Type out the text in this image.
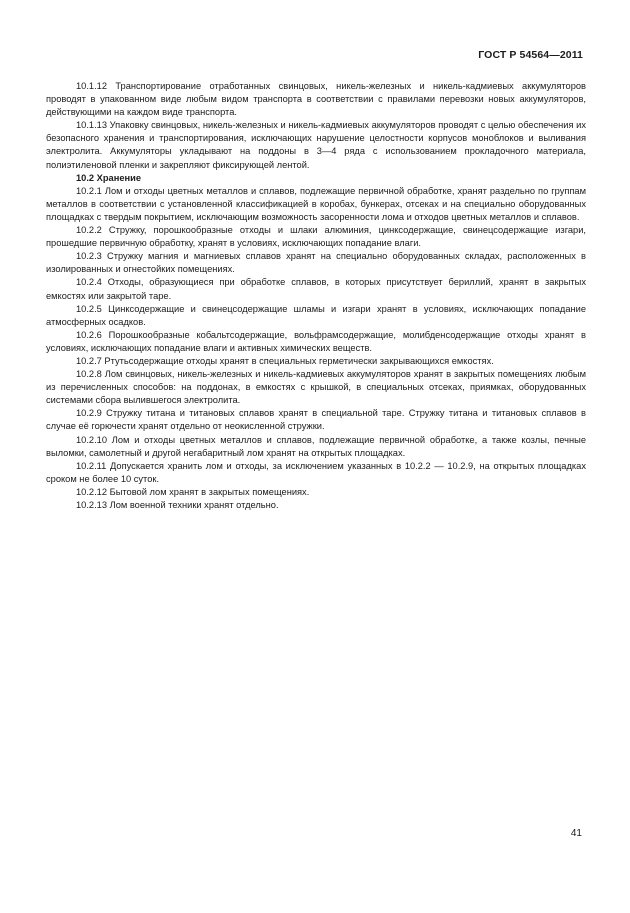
ГОСТ Р 54564—2011

10.1.12 Транспортирование отработанных свинцовых, никель-железных и никель-кадмиевых аккумуляторов проводят в упакованном виде любым видом транспорта в соответствии с правилами перевозки новых аккумуляторов, действующими на каждом виде транспорта.

10.1.13 Упаковку свинцовых, никель-железных и никель-кадмиевых аккумуляторов проводят с целью обеспечения их безопасного хранения и транспортирования, исключающих нарушение целостности корпусов моноблоков и выливания электролита. Аккумуляторы укладывают на поддоны в 3—4 ряда с использованием прокладочного материала, полиэтиленовой пленки и закрепляют фиксирующей лентой.

10.2 Хранение

10.2.1 Лом и отходы цветных металлов и сплавов, подлежащие первичной обработке, хранят раздельно по группам металлов в соответствии с установленной классификацией в коробах, бункерах, отсеках и на специально оборудованных площадках с твердым покрытием, исключающим возможность засоренности лома и отходов цветных металлов и сплавов.

10.2.2 Стружку, порошкообразные отходы и шлаки алюминия, цинксодержащие, свинецсодержащие изгари, прошедшие первичную обработку, хранят в условиях, исключающих попадание влаги.

10.2.3 Стружку магния и магниевых сплавов хранят на специально оборудованных складах, расположенных в изолированных и огнестойких помещениях.

10.2.4 Отходы, образующиеся при обработке сплавов, в которых присутствует бериллий, хранят в закрытых емкостях или закрытой таре.

10.2.5 Цинксодержащие и свинецсодержащие шламы и изгари хранят в условиях, исключающих попадание атмосферных осадков.

10.2.6 Порошкообразные кобальтсодержащие, вольфрамсодержащие, молибденсодержащие отходы хранят в условиях, исключающих попадание влаги и активных химических веществ.

10.2.7 Ртутьсодержащие отходы хранят в специальных герметически закрывающихся емкостях.

10.2.8 Лом свинцовых, никель-железных и никель-кадмиевых аккумуляторов хранят в закрытых помещениях любым из перечисленных способов: на поддонах, в емкостях с крышкой, в специальных отсеках, приямках, оборудованных системами сбора вылившегося электролита.

10.2.9 Стружку титана и титановых сплавов хранят в специальной таре. Стружку титана и титановых сплавов в случае её горючести хранят отдельно от неокисленной стружки.

10.2.10 Лом и отходы цветных металлов и сплавов, подлежащие первичной обработке, а также козлы, печные выломки, самолетный и другой негабаритный лом хранят на открытых площадках.

10.2.11 Допускается хранить лом и отходы, за исключением указанных в 10.2.2 — 10.2.9, на открытых площадках сроком не более 10 суток.

10.2.12 Бытовой лом хранят в закрытых помещениях.

10.2.13 Лом военной техники хранят отдельно.

41
